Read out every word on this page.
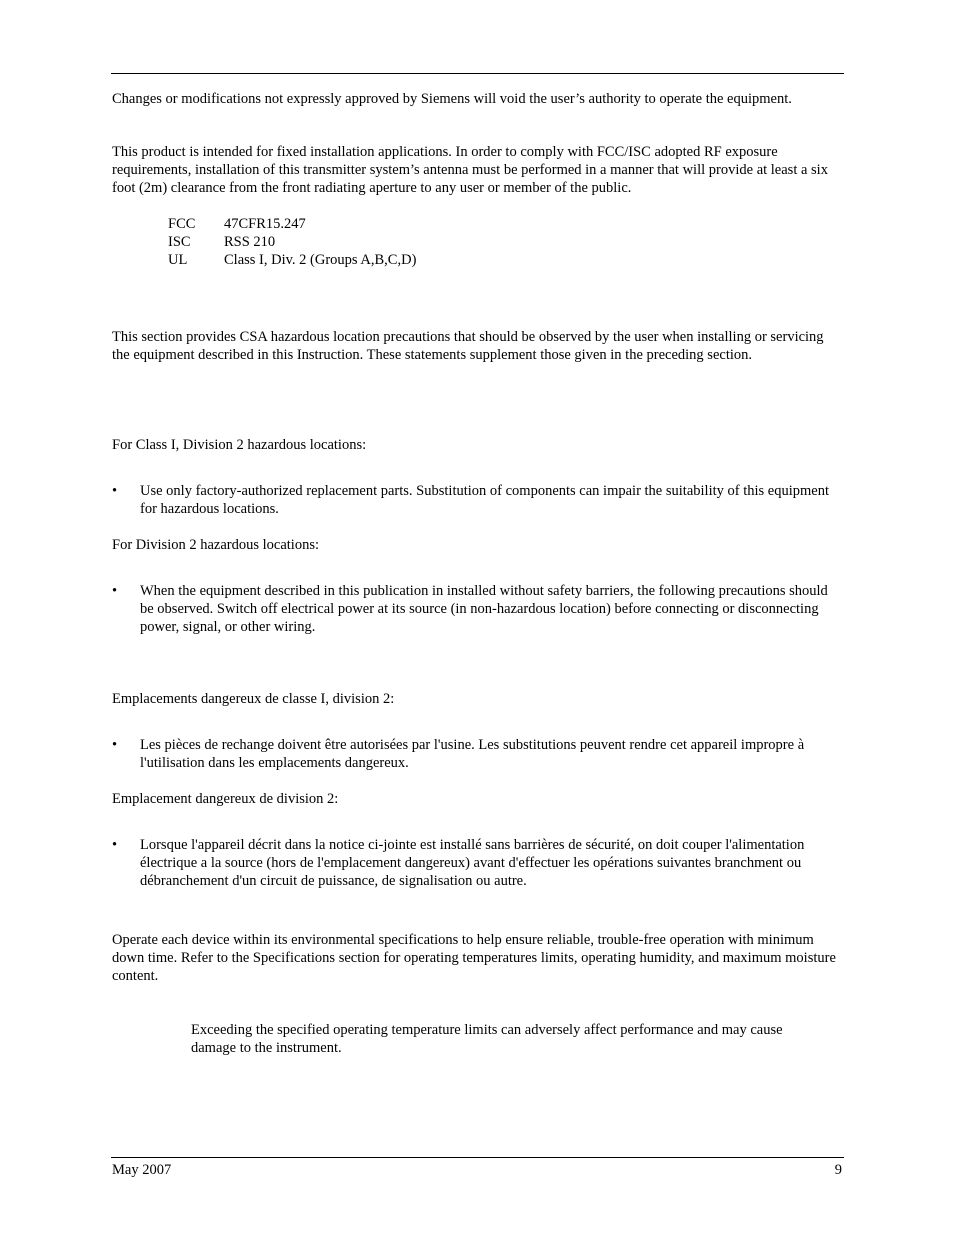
Changes or modifications not expressly approved by Siemens will void the user’s authority to operate the equipment.

This product is intended for fixed installation applications. In order to comply with FCC/ISC adopted RF exposure requirements, installation of this transmitter system’s antenna must be performed in a manner that will provide at least a six foot (2m) clearance from the front radiating aperture to any user or member of the public.

FCC 47CFR15.247
ISC RSS 210
UL	Class I, Div. 2 (Groups A,B,C,D)

This section provides CSA hazardous location precautions that should be observed by the user when installing or servicing the equipment described in this Instruction. These statements supplement those given in the preceding section.

For Class I, Division 2 hazardous locations:

• Use only factory-authorized replacement parts. Substitution of components can impair the suitability of this equipment for hazardous locations.

For Division 2 hazardous locations:

• When the equipment described in this publication in installed without safety barriers, the following precautions should be observed. Switch off electrical power at its source (in non-hazardous location) before connecting or disconnecting power, signal, or other wiring.

Emplacements dangereux de classe I, division 2:

• Les pièces de rechange doivent être autorisées par l'usine. Les substitutions peuvent rendre cet appareil impropre à l'utilisation dans les emplacements dangereux.

Emplacement dangereux de division 2:

• Lorsque l'appareil décrit dans la notice ci-jointe est installé sans barrières de sécurité, on doit couper l'alimentation électrique a la source (hors de l'emplacement dangereux) avant d'effectuer les opérations suivantes branchment ou débranchement d'un circuit de puissance, de signalisation ou autre.

Operate each device within its environmental specifications to help ensure reliable, trouble-free operation with minimum down time. Refer to the Specifications section for operating temperatures limits, operating humidity, and maximum moisture content.

Exceeding the specified operating temperature limits can adversely affect performance and may cause damage to the instrument.
May 2007	9
